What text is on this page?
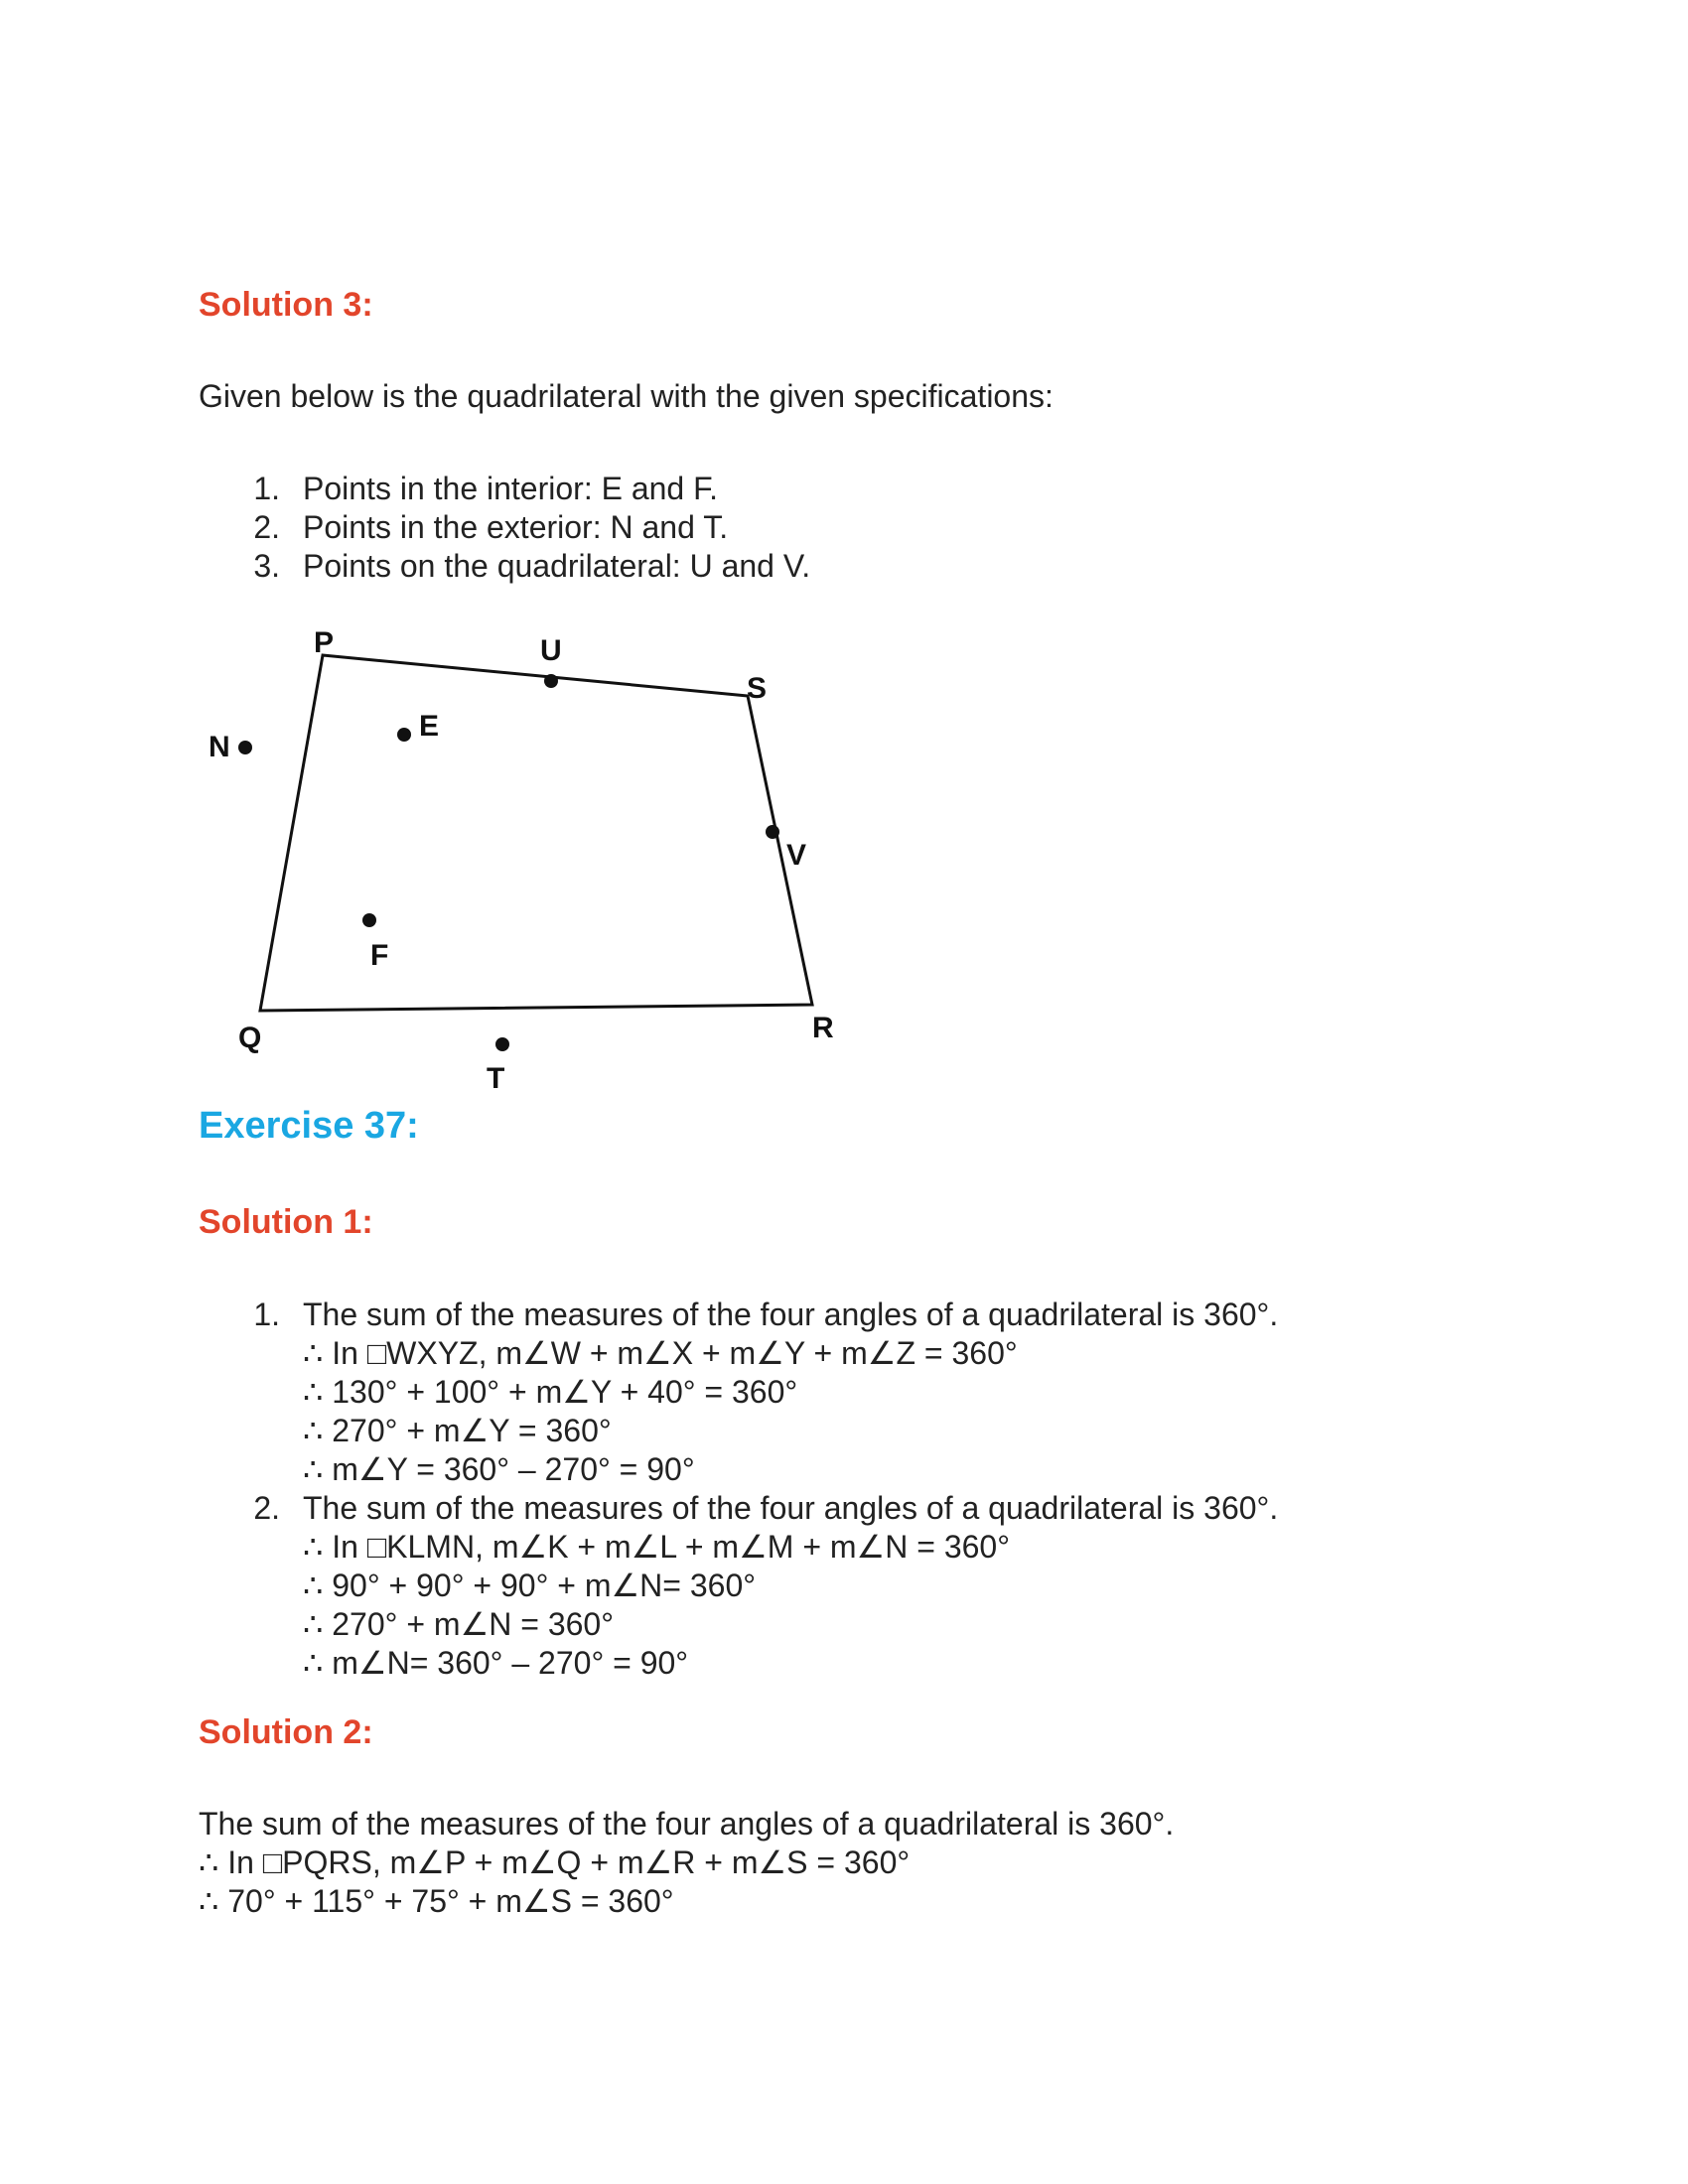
Solution 3:

Given below is the quadrilateral with the given specifications:

1. Points in the interior: E and F.
2. Points in the exterior: N and T.
3. Points on the quadrilateral: U and V.
P
Q	R
S
U
E
N
V
F
T
Exercise 37:
Solution 1:
1. The sum of the measures of the four angles of a quadrilateral is 360°.
∴ In □WXYZ, m∠W + m∠X + m∠Y + m∠Z = 360°
∴ 130° + 100° + m∠Y + 40° = 360°
∴ 270° + m∠Y = 360°
∴ m∠Y = 360° – 270° = 90°
2. The sum of the measures of the four angles of a quadrilateral is 360°.
∴ In □KLMN, m∠K + m∠L + m∠M + m∠N = 360°
∴ 90° + 90° + 90° + m∠N= 360°
∴ 270° + m∠N = 360°
∴ m∠N= 360° – 270° = 90°
Solution 2:

The sum of the measures of the four angles of a quadrilateral is 360°.

∴ In □PQRS, m∠P + m∠Q + m∠R + m∠S = 360°
∴ 70° + 115° + 75° + m∠S = 360°
